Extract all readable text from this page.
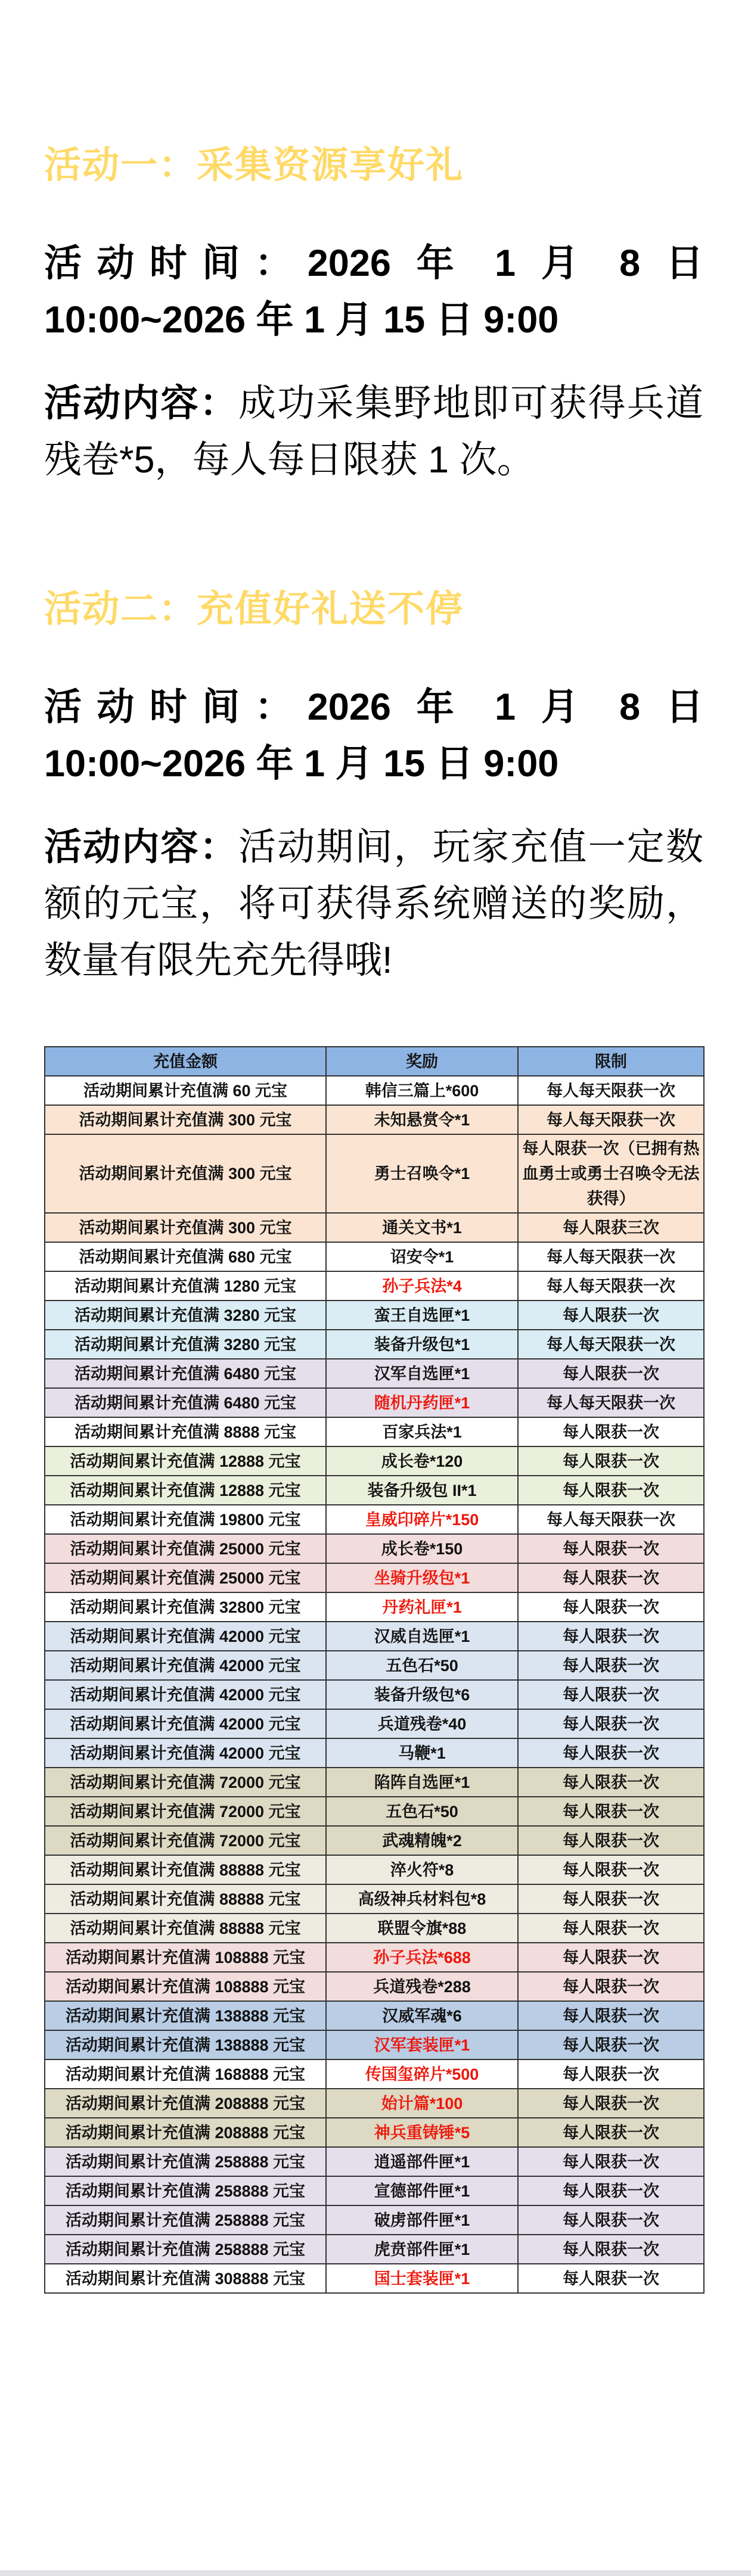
活动一：采集资源享好礼
活动时间：2026 年 1 月 8 日
10:00~2026 年 1 月 15 日 9:00

活动内容：成功采集野地即可获得兵道残卷*5，每人每日限获 1 次。

活动二：充值好礼送不停
活动时间：2026 年 1 月 8 日
10:00~2026 年 1 月 15 日 9:00

活动内容：活动期间，玩家充值一定数额的元宝，将可获得系统赠送的奖励，数量有限先充先得哦!

充值金额	奖励	限制
活动期间累计充值满 60 元宝	韩信三篇上*600	每人每天限获一次
活动期间累计充值满 300 元宝	未知悬赏令*1	每人每天限获一次
活动期间累计充值满 300 元宝	勇士召唤令*1	每人限获一次（已拥有热血勇士或勇士召唤令无法获得）
活动期间累计充值满 300 元宝	通关文书*1	每人限获三次
活动期间累计充值满 680 元宝	诏安令*1	每人每天限获一次
活动期间累计充值满 1280 元宝	孙子兵法*4	每人每天限获一次
活动期间累计充值满 3280 元宝	蛮王自选匣*1	每人限获一次
活动期间累计充值满 3280 元宝	装备升级包*1	每人每天限获一次
活动期间累计充值满 6480 元宝	汉军自选匣*1	每人限获一次
活动期间累计充值满 6480 元宝	随机丹药匣*1	每人每天限获一次
活动期间累计充值满 8888 元宝	百家兵法*1	每人限获一次
活动期间累计充值满 12888 元宝	成长卷*120	每人限获一次
活动期间累计充值满 12888 元宝	装备升级包 II*1	每人限获一次
活动期间累计充值满 19800 元宝	皇威印碎片*150	每人每天限获一次
活动期间累计充值满 25000 元宝	成长卷*150	每人限获一次
活动期间累计充值满 25000 元宝	坐骑升级包*1	每人限获一次
活动期间累计充值满 32800 元宝	丹药礼匣*1	每人限获一次
活动期间累计充值满 42000 元宝	汉威自选匣*1	每人限获一次
活动期间累计充值满 42000 元宝	五色石*50	每人限获一次
活动期间累计充值满 42000 元宝	装备升级包*6	每人限获一次
活动期间累计充值满 42000 元宝	兵道残卷*40	每人限获一次
活动期间累计充值满 42000 元宝	马鞭*1	每人限获一次
活动期间累计充值满 72000 元宝	陷阵自选匣*1	每人限获一次
活动期间累计充值满 72000 元宝	五色石*50	每人限获一次
活动期间累计充值满 72000 元宝	武魂精魄*2	每人限获一次
活动期间累计充值满 88888 元宝	淬火符*8	每人限获一次
活动期间累计充值满 88888 元宝	高级神兵材料包*8	每人限获一次
活动期间累计充值满 88888 元宝	联盟令旗*88	每人限获一次
活动期间累计充值满 108888 元宝	孙子兵法*688	每人限获一次
活动期间累计充值满 108888 元宝	兵道残卷*288	每人限获一次
活动期间累计充值满 138888 元宝	汉威军魂*6	每人限获一次
活动期间累计充值满 138888 元宝	汉军套装匣*1	每人限获一次
活动期间累计充值满 168888 元宝	传国玺碎片*500	每人限获一次
活动期间累计充值满 208888 元宝	始计篇*100	每人限获一次
活动期间累计充值满 208888 元宝	神兵重铸锤*5	每人限获一次
活动期间累计充值满 258888 元宝	逍遥部件匣*1	每人限获一次
活动期间累计充值满 258888 元宝	宣德部件匣*1	每人限获一次
活动期间累计充值满 258888 元宝	破虏部件匣*1	每人限获一次
活动期间累计充值满 258888 元宝	虎贲部件匣*1	每人限获一次
活动期间累计充值满 308888 元宝	国士套装匣*1	每人限获一次
